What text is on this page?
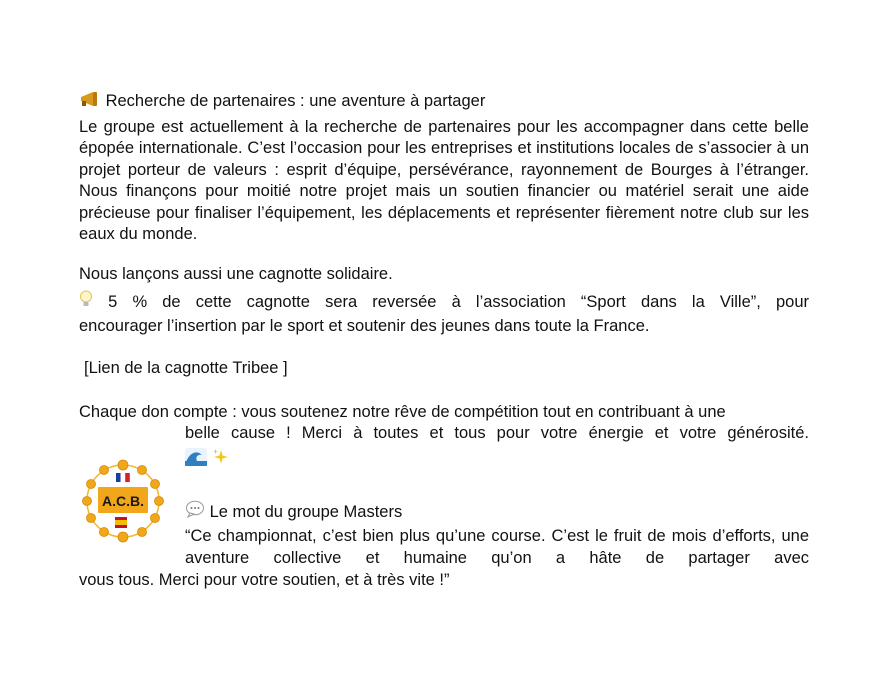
Recherche de partenaires : une aventure à partager
Le groupe est actuellement à la recherche de partenaires pour les accompagner dans cette belle épopée internationale. C’est l’occasion pour les entreprises et institutions locales de s’associer à un projet porteur de valeurs : esprit d’équipe, persévérance, rayonnement de Bourges à l’étranger. Nous finançons pour moitié notre projet mais un soutien financier ou matériel serait une aide précieuse pour finaliser l’équipement, les déplacements et représenter fièrement notre club sur les eaux du monde.
Nous lançons aussi une cagnotte solidaire.
5 % de cette cagnotte sera reversée à l’association “Sport dans la Ville”, pour
encourager l’insertion par le sport et soutenir des jeunes dans toute la France.
[Lien de la cagnotte Tribee ]
Chaque don compte : vous soutenez notre rêve de compétition tout en contribuant à une
belle cause ! Merci à toutes et tous pour votre énergie et votre générosité.

A.C.B.
Le mot du groupe Masters
“Ce championnat, c’est bien plus qu’une course. C’est le fruit de mois d’efforts, une aventure collective et humaine qu’on a hâte de partager avec
vous tous. Merci pour votre soutien, et à très vite !”
